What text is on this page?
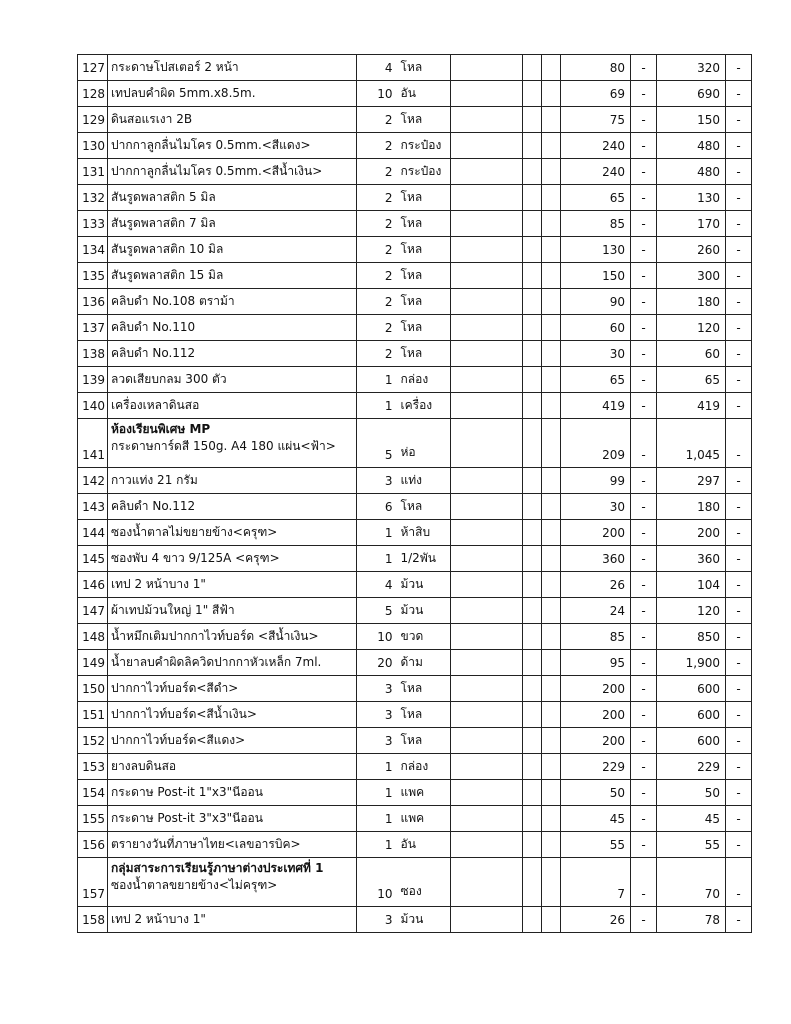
127	กระดาษโปสเตอร์ 2 หน้า	4	โหล				80	-	320	-
128	เทปลบคำผิด 5mm.x8.5m.	10	อัน				69	-	690	-
129	ดินสอแรเงา 2B	2	โหล				75	-	150	-
130	ปากกาลูกลื่นไมโคร 0.5mm.<สีแดง>	2	กระป๋อง				240	-	480	-
131	ปากกาลูกลื่นไมโคร 0.5mm.<สีน้ำเงิน>	2	กระป๋อง				240	-	480	-
132	สันรูดพลาสติก 5 มิล	2	โหล				65	-	130	-
133	สันรูดพลาสติก 7 มิล	2	โหล				85	-	170	-
134	สันรูดพลาสติก 10 มิล	2	โหล				130	-	260	-
135	สันรูดพลาสติก 15 มิล	2	โหล				150	-	300	-
136	คลิบดำ No.108 ตราม้า	2	โหล				90	-	180	-
137	คลิบดำ No.110	2	โหล				60	-	120	-
138	คลิบดำ No.112	2	โหล				30	-	60	-
139	ลวดเสียบกลม 300 ตัว	1	กล่อง				65	-	65	-
140	เครื่องเหลาดินสอ	1	เครื่อง				419	-	419	-
141	ห้องเรียนพิเศษ MP
กระดาษการ์ดสี 150g. A4 180 แผ่น<ฟ้า>	5	ห่อ				209	-	1,045	-
142	กาวแท่ง 21 กรัม	3	แท่ง				99	-	297	-
143	คลิบดำ No.112	6	โหล				30	-	180	-
144	ซองน้ำตาลไม่ขยายข้าง<ครุฑ>	1	ห้าสิบ				200	-	200	-
145	ซองพับ 4 ขาว 9/125A <ครุฑ>	1	1/2พัน				360	-	360	-
146	เทป 2 หน้าบาง 1"	4	ม้วน				26	-	104	-
147	ผ้าเทปม้วนใหญ่ 1" สีฟ้า	5	ม้วน				24	-	120	-
148	น้ำหมึกเติมปากกาไวท์บอร์ด <สีน้ำเงิน>	10	ขวด				85	-	850	-
149	น้ำยาลบคำผิดลิควิดปากกาหัวเหล็ก 7ml.	20	ด้าม				95	-	1,900	-
150	ปากกาไวท์บอร์ด<สีดำ>	3	โหล				200	-	600	-
151	ปากกาไวท์บอร์ด<สีน้ำเงิน>	3	โหล				200	-	600	-
152	ปากกาไวท์บอร์ด<สีแดง>	3	โหล				200	-	600	-
153	ยางลบดินสอ	1	กล่อง				229	-	229	-
154	กระดาษ Post-it 1"x3"นีออน	1	แพค				50	-	50	-
155	กระดาษ Post-it 3"x3"นีออน	1	แพค				45	-	45	-
156	ตรายางวันที่ภาษาไทย<เลขอารบิค>	1	อัน				55	-	55	-
157	กลุ่มสาระการเรียนรู้ภาษาต่างประเทศที่ 1
ซองน้ำตาลขยายข้าง<ไม่ครุฑ>	10	ซอง				7	-	70	-
158	เทป 2 หน้าบาง 1"	3	ม้วน				26	-	78	-
